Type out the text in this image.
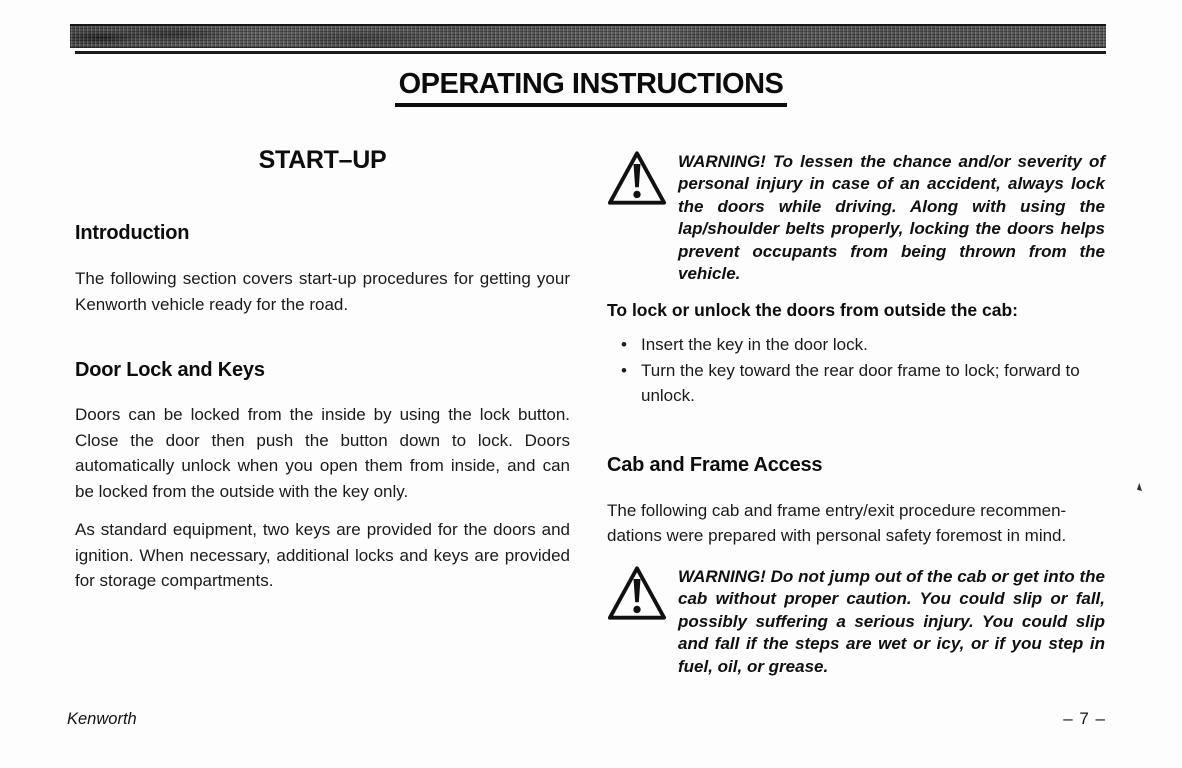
OPERATING INSTRUCTIONS
START–UP
Introduction

The following section covers start-up procedures for getting your Kenworth vehicle ready for the road.

Door Lock and Keys

Doors can be locked from the inside by using the lock button. Close the door then push the button down to lock. Doors automatically unlock when you open them from inside, and can be locked from the outside with the key only.

As standard equipment, two keys are provided for the doors and ignition. When necessary, additional locks and keys are provided for storage compartments.

WARNING! To lessen the chance and/or severity of personal injury in case of an accident, always lock the doors while driving. Along with using the lap/shoulder belts properly, locking the doors helps prevent occupants from being thrown from the vehicle.
To lock or unlock the doors from outside the cab:
• Insert the key in the door lock.
• Turn the key toward the rear door frame to lock; forward to unlock.
Cab and Frame Access

The following cab and frame entry/exit procedure recommen-dations were prepared with personal safety foremost in mind.

WARNING! Do not jump out of the cab or get into the cab without proper caution. You could slip or fall, possibly suffering a serious injury. You could slip and fall if the steps are wet or icy, or if you step in fuel, oil, or grease.
Kenworth	– 7 –
